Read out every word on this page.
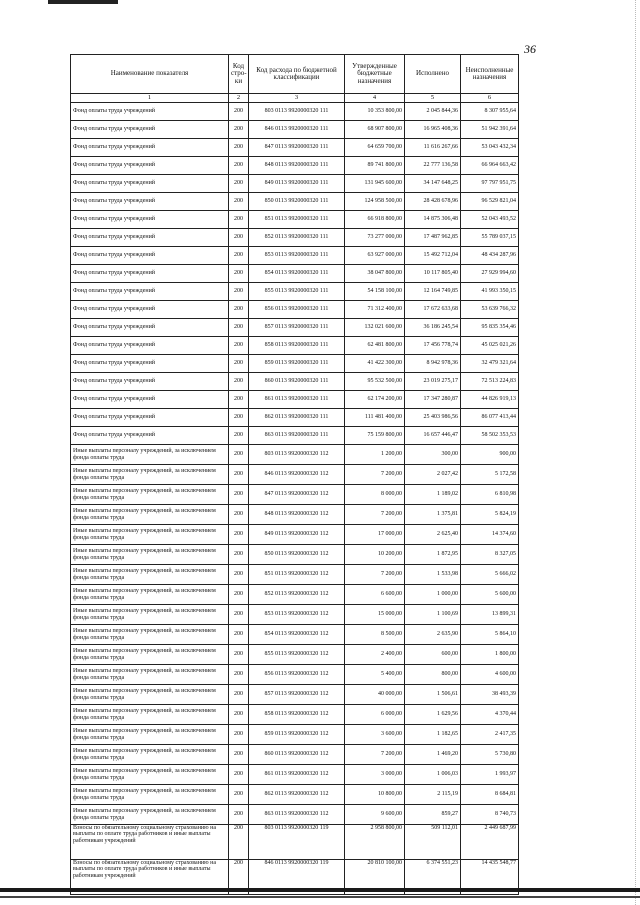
36
Наименование показателя	Код стро-ки	Код расхода по бюджетной классификации	Утвержденные бюджетные назначения	Исполнено	Неисполненные назначения
1	2	3	4	5	6
Фонд оплаты труда учреждений	200	803 0113 9920000320 111	10 353 800,00	2 045 844,36	8 307 955,64
Фонд оплаты труда учреждений	200	846 0113 9920000320 111	68 907 800,00	16 965 408,36	51 942 391,64
Фонд оплаты труда учреждений	200	847 0113 9920000320 111	64 659 700,00	11 616 267,66	53 043 432,34
Фонд оплаты труда учреждений	200	848 0113 9920000320 111	89 741 800,00	22 777 136,58	66 964 663,42
Фонд оплаты труда учреждений	200	849 0113 9920000320 111	131 945 600,00	34 147 648,25	97 797 951,75
Фонд оплаты труда учреждений	200	850 0113 9920000320 111	124 958 500,00	28 428 678,96	96 529 821,04
Фонд оплаты труда учреждений	200	851 0113 9920000320 111	66 918 800,00	14 875 306,48	52 043 493,52
Фонд оплаты труда учреждений	200	852 0113 9920000320 111	73 277 000,00	17 487 962,85	55 789 037,15
Фонд оплаты труда учреждений	200	853 0113 9920000320 111	63 927 000,00	15 492 712,04	48 434 287,96
Фонд оплаты труда учреждений	200	854 0113 9920000320 111	38 047 800,00	10 117 805,40	27 929 994,60
Фонд оплаты труда учреждений	200	855 0113 9920000320 111	54 158 100,00	12 164 749,85	41 993 350,15
Фонд оплаты труда учреждений	200	856 0113 9920000320 111	71 312 400,00	17 672 633,68	53 639 766,32
Фонд оплаты труда учреждений	200	857 0113 9920000320 111	132 021 600,00	36 186 245,54	95 835 354,46
Фонд оплаты труда учреждений	200	858 0113 9920000320 111	62 481 800,00	17 456 778,74	45 025 021,26
Фонд оплаты труда учреждений	200	859 0113 9920000320 111	41 422 300,00	8 942 978,36	32 479 321,64
Фонд оплаты труда учреждений	200	860 0113 9920000320 111	95 532 500,00	23 019 275,17	72 513 224,83
Фонд оплаты труда учреждений	200	861 0113 9920000320 111	62 174 200,00	17 347 280,87	44 826 919,13
Фонд оплаты труда учреждений	200	862 0113 9920000320 111	111 481 400,00	25 403 986,56	86 077 413,44
Фонд оплаты труда учреждений	200	863 0113 9920000320 111	75 159 800,00	16 657 446,47	58 502 353,53
Иные выплаты персоналу учреждений, за исключением фонда оплаты труда	200	803 0113 9920000320 112	1 200,00	300,00	900,00
Иные выплаты персоналу учреждений, за исключением фонда оплаты труда	200	846 0113 9920000320 112	7 200,00	2 027,42	5 172,58
Иные выплаты персоналу учреждений, за исключением фонда оплаты труда	200	847 0113 9920000320 112	8 000,00	1 189,02	6 810,98
Иные выплаты персоналу учреждений, за исключением фонда оплаты труда	200	848 0113 9920000320 112	7 200,00	1 375,81	5 824,19
Иные выплаты персоналу учреждений, за исключением фонда оплаты труда	200	849 0113 9920000320 112	17 000,00	2 625,40	14 374,60
Иные выплаты персоналу учреждений, за исключением фонда оплаты труда	200	850 0113 9920000320 112	10 200,00	1 872,95	8 327,05
Иные выплаты персоналу учреждений, за исключением фонда оплаты труда	200	851 0113 9920000320 112	7 200,00	1 533,98	5 666,02
Иные выплаты персоналу учреждений, за исключением фонда оплаты труда	200	852 0113 9920000320 112	6 600,00	1 000,00	5 600,00
Иные выплаты персоналу учреждений, за исключением фонда оплаты труда	200	853 0113 9920000320 112	15 000,00	1 100,69	13 899,31
Иные выплаты персоналу учреждений, за исключением фонда оплаты труда	200	854 0113 9920000320 112	8 500,00	2 635,90	5 864,10
Иные выплаты персоналу учреждений, за исключением фонда оплаты труда	200	855 0113 9920000320 112	2 400,00	600,00	1 800,00
Иные выплаты персоналу учреждений, за исключением фонда оплаты труда	200	856 0113 9920000320 112	5 400,00	800,00	4 600,00
Иные выплаты персоналу учреждений, за исключением фонда оплаты труда	200	857 0113 9920000320 112	40 000,00	1 506,61	38 493,39
Иные выплаты персоналу учреждений, за исключением фонда оплаты труда	200	858 0113 9920000320 112	6 000,00	1 629,56	4 370,44
Иные выплаты персоналу учреждений, за исключением фонда оплаты труда	200	859 0113 9920000320 112	3 600,00	1 182,65	2 417,35
Иные выплаты персоналу учреждений, за исключением фонда оплаты труда	200	860 0113 9920000320 112	7 200,00	1 469,20	5 730,80
Иные выплаты персоналу учреждений, за исключением фонда оплаты труда	200	861 0113 9920000320 112	3 000,00	1 006,03	1 993,97
Иные выплаты персоналу учреждений, за исключением фонда оплаты труда	200	862 0113 9920000320 112	10 800,00	2 115,19	8 684,81
Иные выплаты персоналу учреждений, за исключением фонда оплаты труда	200	863 0113 9920000320 112	9 600,00	859,27	8 740,73
Взносы по обязательному социальному страхованию на выплаты по оплате труда работников и иные выплаты работникам учреждений	200	803 0113 9920000320 119	2 958 800,00	509 112,01	2 449 687,99
Взносы по обязательному социальному страхованию на выплаты по оплате труда работников и иные выплаты работникам учреждений	200	846 0113 9920000320 119	20 810 100,00	6 374 551,23	14 435 548,77
